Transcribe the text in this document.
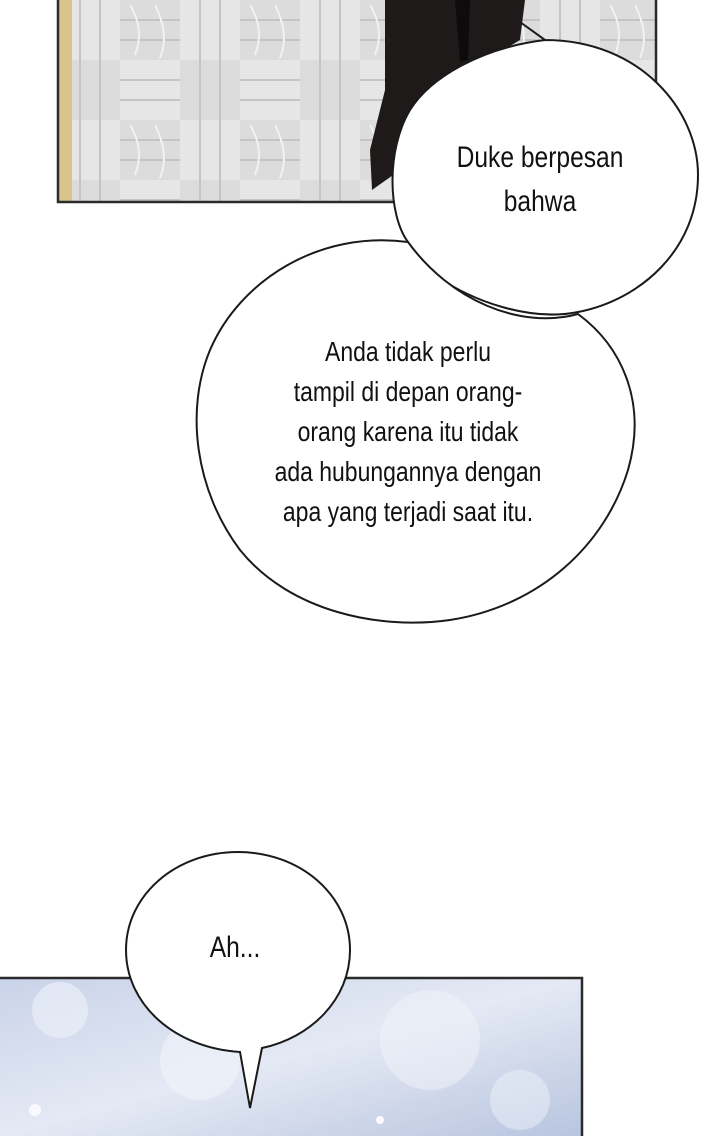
Duke berpesan
bahwa
Anda tidak perlu
tampil di depan orang-
orang karena itu tidak
ada hubungannya dengan
apa yang terjadi saat itu.
Ah...
